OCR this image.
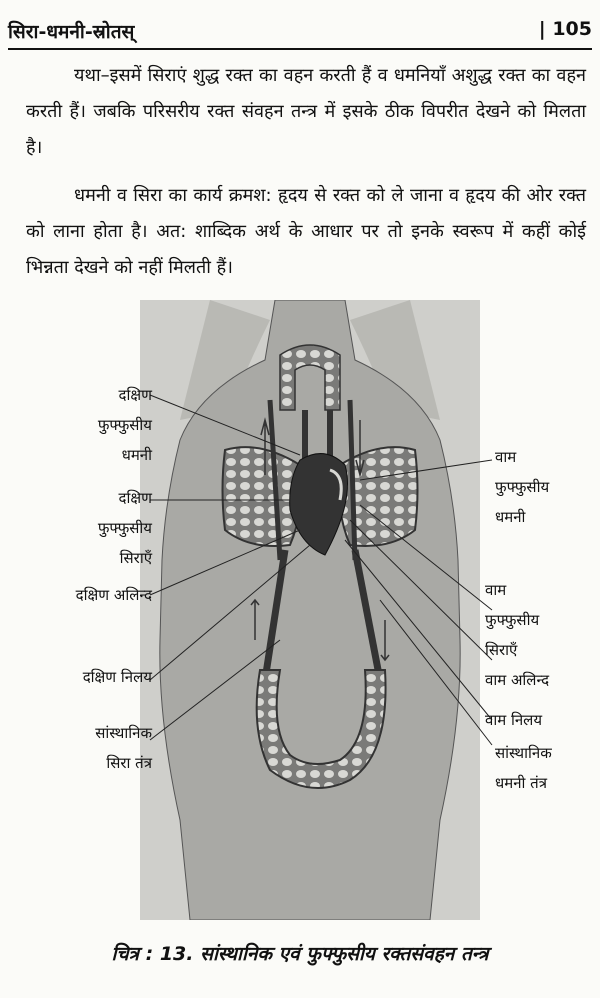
सिरा-धमनी-स्रोतस्	| 105
यथा–इसमें सिराएं शुद्ध रक्त का वहन करती हैं व धमनियाँ अशुद्ध रक्त का वहन करती हैं। जबकि परिसरीय रक्त संवहन तन्त्र में इसके ठीक विपरीत देखने को मिलता है।
धमनी व सिरा का कार्य क्रमश: हृदय से रक्त को ले जाना व हृदय की ओर रक्त को लाना होता है। अत: शाब्दिक अर्थ के आधार पर तो इनके स्वरूप में कहीं कोई भिन्नता देखने को नहीं मिलती हैं।
दक्षिण
फुफ्फुसीय
धमनी
दक्षिण
फुफ्फुसीय
सिराएँ
दक्षिण अलिन्द
दक्षिण निलय
सांस्थानिक
सिरा तंत्र
वाम
फुफ्फुसीय
धमनी
वाम
फुफ्फुसीय
सिराएँ
वाम अलिन्द
वाम निलय
सांस्थानिक
धमनी तंत्र
चित्र : 13. सांस्थानिक एवं फुफ्फुसीय रक्तसंवहन तन्त्र
